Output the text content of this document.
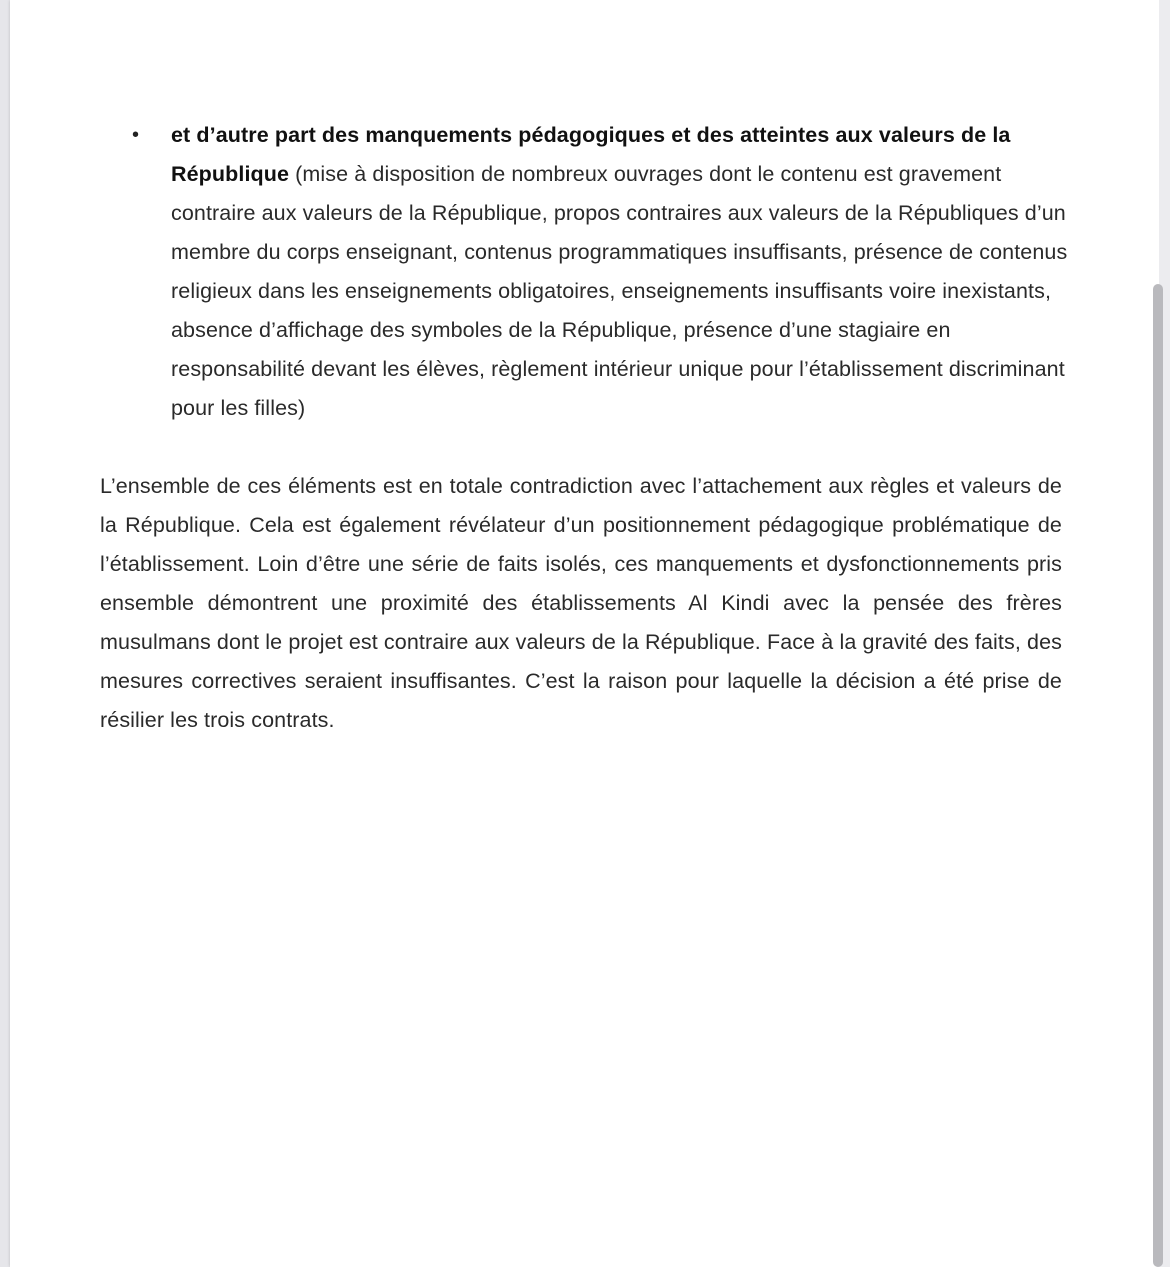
• et d’autre part des manquements pédagogiques et des atteintes aux valeurs de la République (mise à disposition de nombreux ouvrages dont le contenu est gravement contraire aux valeurs de la République, propos contraires aux valeurs de la Républiques d’un membre du corps enseignant, contenus programmatiques insuffisants, présence de contenus religieux dans les enseignements obligatoires, enseignements insuffisants voire inexistants, absence d’affichage des symboles de la République, présence d’une stagiaire en responsabilité devant les élèves, règlement intérieur unique pour l’établissement discriminant pour les filles)
L’ensemble de ces éléments est en totale contradiction avec l’attachement aux règles et valeurs de la République. Cela est également révélateur d’un positionnement pédagogique problématique de l’établissement. Loin d’être une série de faits isolés, ces manquements et dysfonctionnements pris ensemble démontrent une proximité des établissements Al Kindi avec la pensée des frères musulmans dont le projet est contraire aux valeurs de la République. Face à la gravité des faits, des mesures correctives seraient insuffisantes. C’est la raison pour laquelle la décision a été prise de résilier les trois contrats.
